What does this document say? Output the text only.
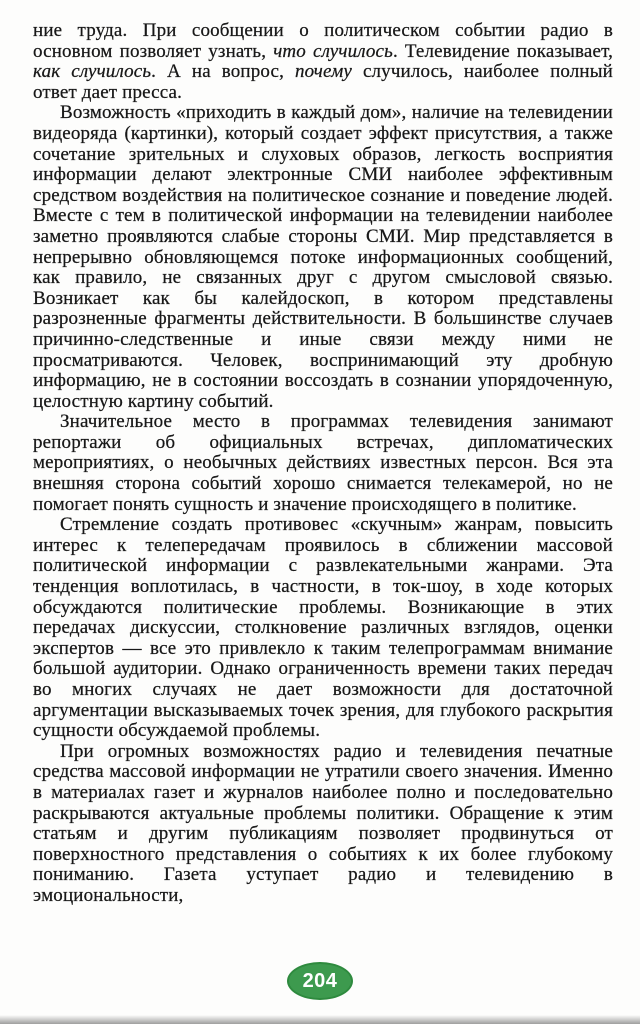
ние труда. При сообщении о политическом событии радио в основном позволяет узнать, что случилось. Телевидение показывает, как случилось. А на вопрос, почему случилось, наиболее полный ответ дает пресса.

Возможность «приходить в каждый дом», наличие на телевидении видеоряда (картинки), который создает эффект присутствия, а также сочетание зрительных и слуховых образов, легкость восприятия информации делают электронные СМИ наиболее эффективным средством воздействия на политическое сознание и поведение людей. Вместе с тем в политической информации на телевидении наиболее заметно проявляются слабые стороны СМИ. Мир представляется в непрерывно обновляющемся потоке информационных сообщений, как правило, не связанных друг с другом смысловой связью. Возникает как бы калейдоскоп, в котором представлены разрозненные фрагменты действительности. В большинстве случаев причинно-следственные и иные связи между ними не просматриваются. Человек, воспринимающий эту дробную информацию, не в состоянии воссоздать в сознании упорядоченную, целостную картину событий.

Значительное место в программах телевидения занимают репортажи об официальных встречах, дипломатических мероприятиях, о необычных действиях известных персон. Вся эта внешняя сторона событий хорошо снимается телекамерой, но не помогает понять сущность и значение происходящего в политике.

Стремление создать противовес «скучным» жанрам, повысить интерес к телепередачам проявилось в сближении массовой политической информации с развлекательными жанрами. Эта тенденция воплотилась, в частности, в ток-шоу, в ходе которых обсуждаются политические проблемы. Возникающие в этих передачах дискуссии, столкновение различных взглядов, оценки экспертов — все это привлекло к таким телепрограммам внимание большой аудитории. Однако ограниченность времени таких передач во многих случаях не дает возможности для достаточной аргументации высказываемых точек зрения, для глубокого раскрытия сущности обсуждаемой проблемы.

При огромных возможностях радио и телевидения печатные средства массовой информации не утратили своего значения. Именно в материалах газет и журналов наиболее полно и последовательно раскрываются актуальные проблемы политики. Обращение к этим статьям и другим публикациям позволяет продвинуться от поверхностного представления о событиях к их более глубокому пониманию. Газета уступает радио и телевидению в эмоциональности,

204
